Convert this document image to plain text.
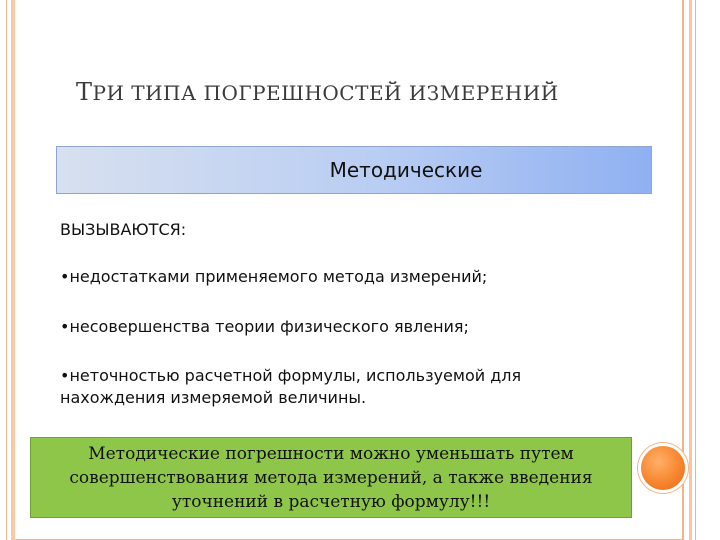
ТРИ ТИПА ПОГРЕШНОСТЕЙ ИЗМЕРЕНИЙ
Методические
ВЫЗЫВАЮТСЯ:
•недостатками применяемого метода измерений;
•несовершенства теории физического явления;
•неточностью расчетной формулы, используемой для нахождения измеряемой величины.
Методические погрешности можно уменьшать путем совершенствования метода измерений, а также введения уточнений в расчетную формулу!!!
